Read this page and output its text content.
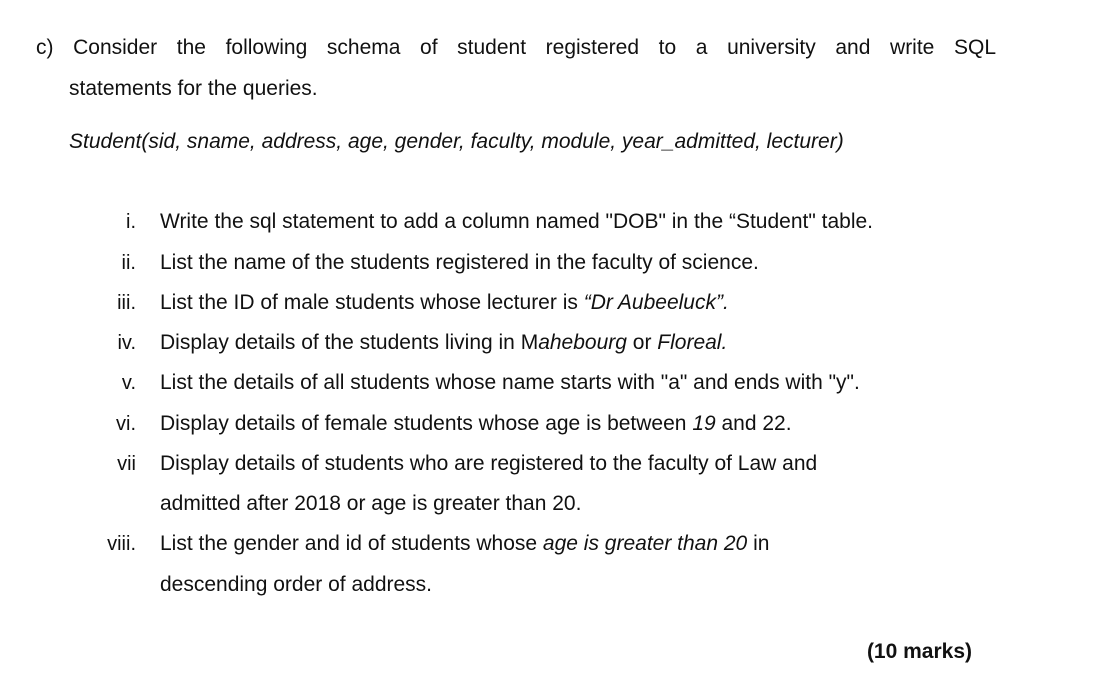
c) Consider the following schema of student registered to a university and write SQL
statements for the queries.
Student(sid, sname, address, age, gender, faculty, module, year_admitted, lecturer)
i. Write the sql statement to add a column named "DOB" in the “Student" table.
ii. List the name of the students registered in the faculty of science.
iii. List the ID of male students whose lecturer is “Dr Aubeeluck”.
iv. Display details of the students living in Mahebourg or Floreal.
v. List the details of all students whose name starts with "a" and ends with "y".
vi. Display details of female students whose age is between 19 and 22.
vii Display details of students who are registered to the faculty of Law and
admitted after 2018 or age is greater than 20.
viii. List the gender and id of students whose age is greater than 20 in
descending order of address.
(10 marks)
